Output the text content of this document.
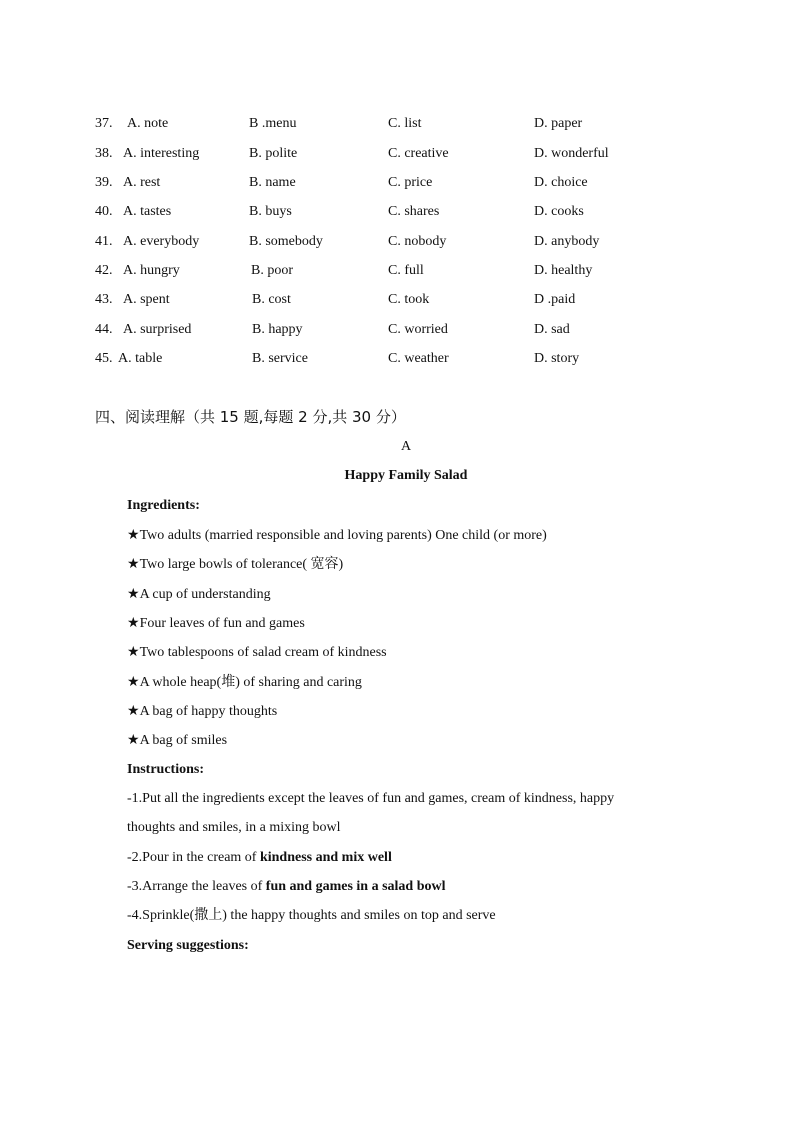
37. A. note	B .menu	C. list	D. paper
38. A. interesting	B. polite	C. creative	D. wonderful
39. A. rest	B. name	C. price	D. choice
40. A. tastes	B. buys	C. shares	D. cooks
41. A. everybody	B. somebody	C. nobody	D. anybody
42. A. hungry	B. poor	C. full	D. healthy
43. A. spent	B. cost	C. took	D .paid
44. A. surprised	B. happy	C. worried	D. sad
45. A. table	B. service	C. weather	D. story
四、阅读理解（共 15 题,每题 2 分,共 30 分）
A
Happy Family Salad
Ingredients:
★Two adults (married responsible and loving parents) One child (or more)
★Two large bowls of tolerance( 宽容)
★A cup of understanding
★Four leaves of fun and games
★Two tablespoons of salad cream of kindness
★A whole heap(堆) of sharing and caring
★A bag of happy thoughts
★A bag of smiles
Instructions:
-1.Put all the ingredients except the leaves of fun and games, cream of kindness, happy
thoughts and smiles, in a mixing bowl
-2.Pour in the cream of kindness and mix well
-3.Arrange the leaves of fun and games in a salad bowl
-4.Sprinkle(撒上) the happy thoughts and smiles on top and serve
Serving suggestions:
